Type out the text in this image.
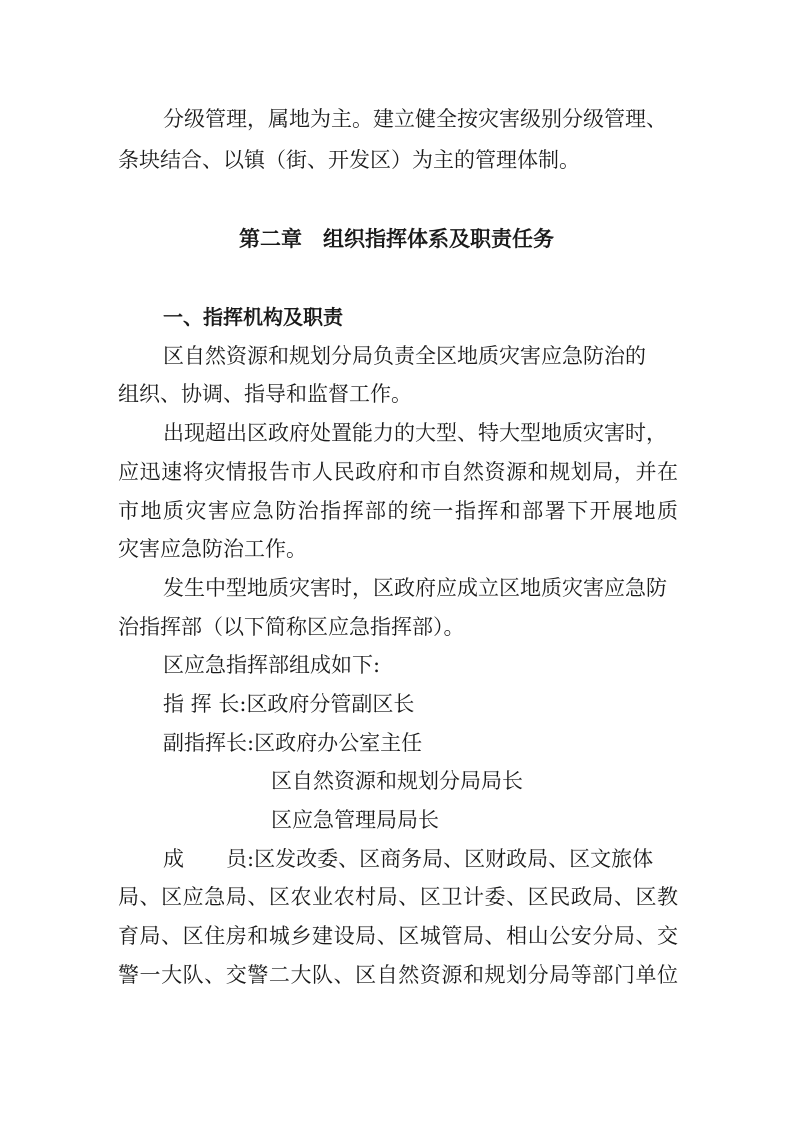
分级管理，属地为主。建立健全按灾害级别分级管理、

条块结合、以镇（街、开发区）为主的管理体制。

第二章　组织指挥体系及职责任务
一、指挥机构及职责

区自然资源和规划分局负责全区地质灾害应急防治的

组织、协调、指导和监督工作。

出现超出区政府处置能力的大型、特大型地质灾害时，

应迅速将灾情报告市人民政府和市自然资源和规划局，并在

市地质灾害应急防治指挥部的统一指挥和部署下开展地质

灾害应急防治工作。

发生中型地质灾害时，区政府应成立区地质灾害应急防

治指挥部（以下简称区应急指挥部）。

区应急指挥部组成如下:

指 挥 长:区政府分管副区长

副指挥长:区政府办公室主任

区自然资源和规划分局局长

区应急管理局局长

成　　员:区发改委、区商务局、区财政局、区文旅体

局、区应急局、区农业农村局、区卫计委、区民政局、区教

育局、区住房和城乡建设局、区城管局、相山公安分局、交

警一大队、交警二大队、区自然资源和规划分局等部门单位
